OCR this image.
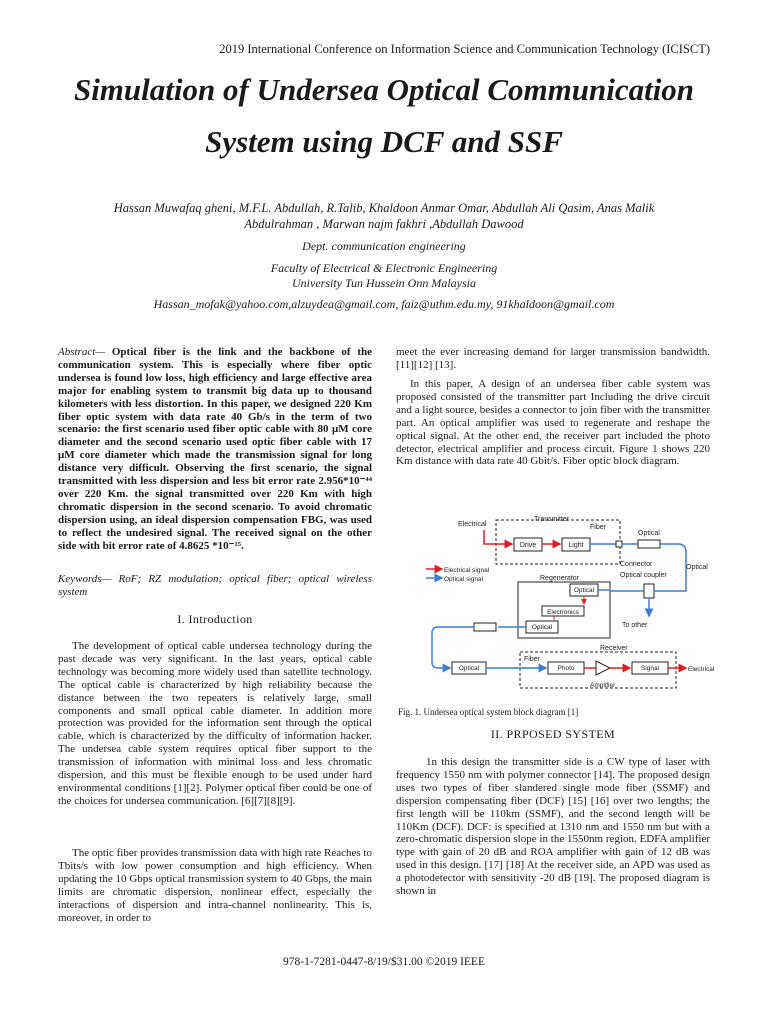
2019 International Conference on Information Science and Communication Technology (ICISCT)
Simulation of Undersea Optical Communication
System using DCF and SSF
Hassan Muwafaq gheni, M.F.L. Abdullah, R.Talib, Khaldoon Anmar Omar, Abdullah Ali Qasim, Anas Malik
Abdulrahman , Marwan najm fakhri ,Abdullah Dawood
Dept. communication engineering
Faculty of Electrical & Electronic Engineering
University Tun Hussein Onn Malaysia
Hassan_mofak@yahoo.com,alzuydea@gmail.com, faiz@uthm.edu.my, 91khaldoon@gmail.com
Abstract— Optical fiber is the link and the backbone of the communication system. This is especially where fiber optic undersea is found low loss, high efficiency and large effective area major for enabling system to transmit big data up to thousand kilometers with less distortion. In this paper, we designed 220 Km fiber optic system with data rate 40 Gb/s in the term of two scenario: the first scenario used fiber optic cable with 80 μM core diameter and the second scenario used optic fiber cable with 17 μM core diameter which made the transmission signal for long distance very difficult. Observing the first scenario, the signal transmitted with less dispersion and less bit error rate 2.956*10⁻⁴⁴ over 220 Km. the signal transmitted over 220 Km with high chromatic dispersion in the second scenario. To avoid chromatic dispersion using, an ideal dispersion compensation FBG, was used to reflect the undesired signal. The received signal on the other side with bit error rate of 4.8625 *10⁻¹⁵.
Keywords— RoF; RZ modulation; optical fiber; optical wireless system
I. Introduction
The development of optical cable undersea technology during the past decade was very significant. In the last years, optical cable technology was becoming more widely used than satellite technology. The optical cable is characterized by high reliability because the distance between the two repeaters is relatively large, small components and small optical cable diameter. In addition more protection was provided for the information sent through the optical cable, which is characterized by the difficulty of information hacker. The undersea cable system requires optical fiber support to the transmission of information with minimal loss and less chromatic dispersion, and this must be flexible enough to be used under hard environmental conditions [1][2]. Polymer optical fiber could be one of the choices for undersea communication. [6][7][8][9].
The optic fiber provides transmission data with high rate Reaches to Tbits/s with low power consumption and high efficiency. When updating the 10 Gbps optical transmission system to 40 Gbps, the main limits are chromatic dispersion, nonlinear effect, especially the interactions of dispersion and intra-channel nonlinearity. This is, moreover, in order to
meet the ever increasing demand for larger transmission bandwidth.[11][12] [13].
In this paper, A design of an undersea fiber cable system was proposed consisted of the transmitter part Including the drive circuit and a light source, besides a connector to join fiber with the transmitter part. An optical amplifier was used to regenerate and reshape the optical signal. At the other end, the receiver part included the photo detector, electrical amplifier and process circuit. Figure 1 shows 220 Km distance with data rate 40 Gbit/s. Fiber optic block diagram.
Transmitter
Electrical
Drive	Light
Fiber
Optical
Connector
Optical coupler
Optical
Electrical signal
Optical signal	Regenerator
Optical
Electronics
Optical	To other
Receiver
Fiber
Optical	Photo	Signal	Electrical
Amplifier
Fig. 1. Undersea optical system block diagram [1]
II. PRPOSED SYSTEM
1n this design the transmitter side is a CW type of laser with frequency 1550 nm with polymer connector [14]. The proposed design uses two types of fiber slandered single mode fiber (SSMF) and dispersion compensating fiber (DCF) [15] [16] over two lengths; the first length will be 110km (SSMF), and the second length will be 110Km (DCF). DCF: is specified at 1310 nm and 1550 nm but with a zero-chromatic dispersion slope in the 1550nm region. EDFA amplifier type with gain of 20 dB and ROA amplifier with gain of 12 dB was used in this design. [17] [18] At the receiver side, an APD was used as a photodetector with sensitivity -20 dB [19]. The proposed diagram is shown in
978-1-7281-0447-8/19/$31.00 ©2019 IEEE
